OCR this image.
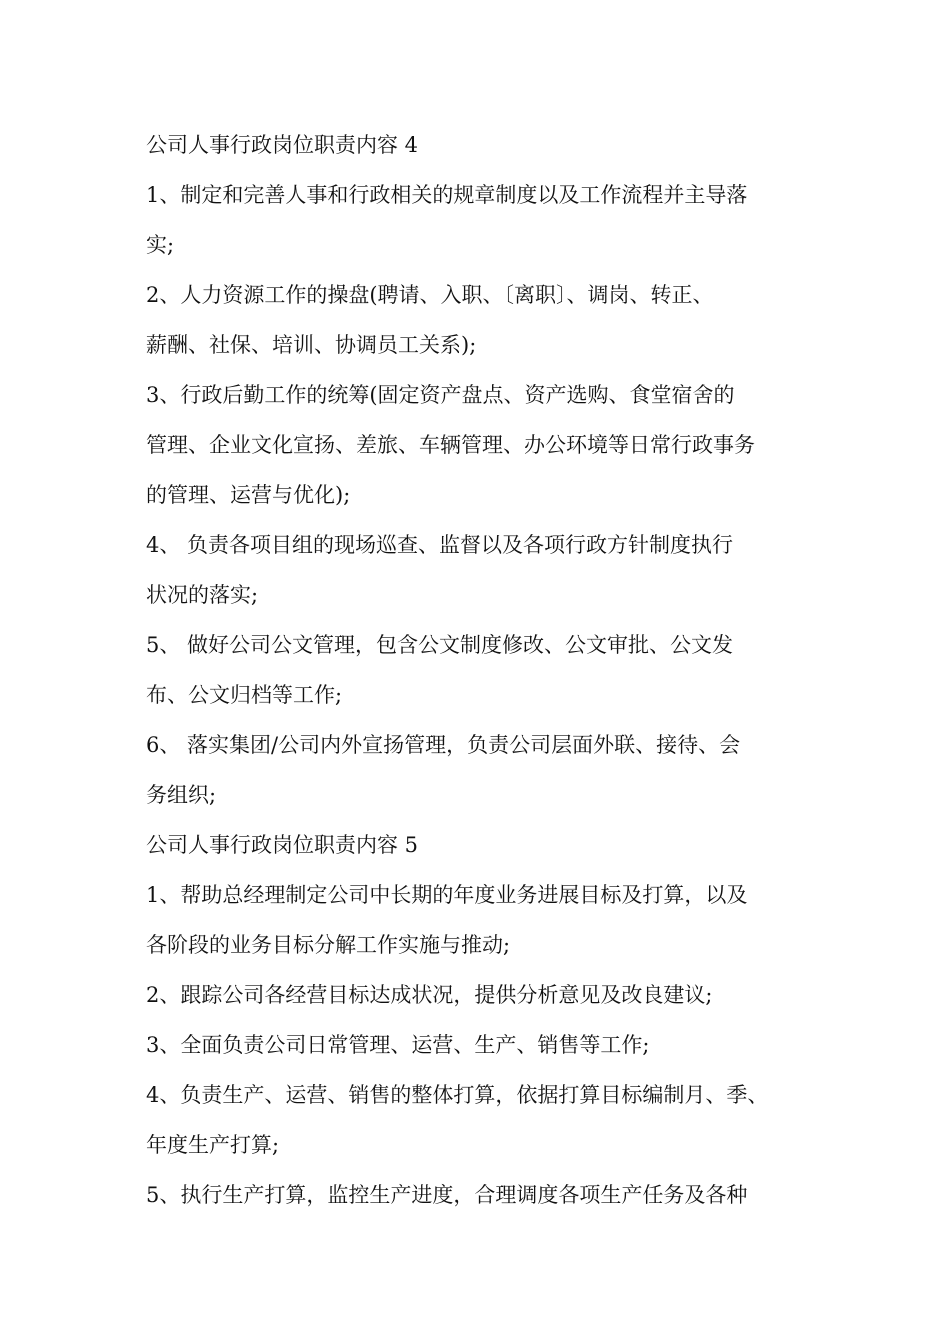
公司人事行政岗位职责内容 4
1、制定和完善人事和行政相关的规章制度以及工作流程并主导落
实;
2、人力资源工作的操盘(聘请、入职、〔离职〕、调岗、转正、
薪酬、社保、培训、协调员工关系);
3、行政后勤工作的统筹(固定资产盘点、资产选购、食堂宿舍的
管理、企业文化宣扬、差旅、车辆管理、办公环境等日常行政事务
的管理、运营与优化);
4、 负责各项目组的现场巡查、监督以及各项行政方针制度执行
状况的落实;
5、 做好公司公文管理，包含公文制度修改、公文审批、公文发
布、公文归档等工作;
6、 落实集团/公司内外宣扬管理，负责公司层面外联、接待、会
务组织;
公司人事行政岗位职责内容 5
1、帮助总经理制定公司中长期的年度业务进展目标及打算，以及
各阶段的业务目标分解工作实施与推动;
2、跟踪公司各经营目标达成状况，提供分析意见及改良建议;
3、全面负责公司日常管理、运营、生产、销售等工作;
4、负责生产、运营、销售的整体打算，依据打算目标编制月、季、
年度生产打算;
5、执行生产打算，监控生产进度，合理调度各项生产任务及各种
